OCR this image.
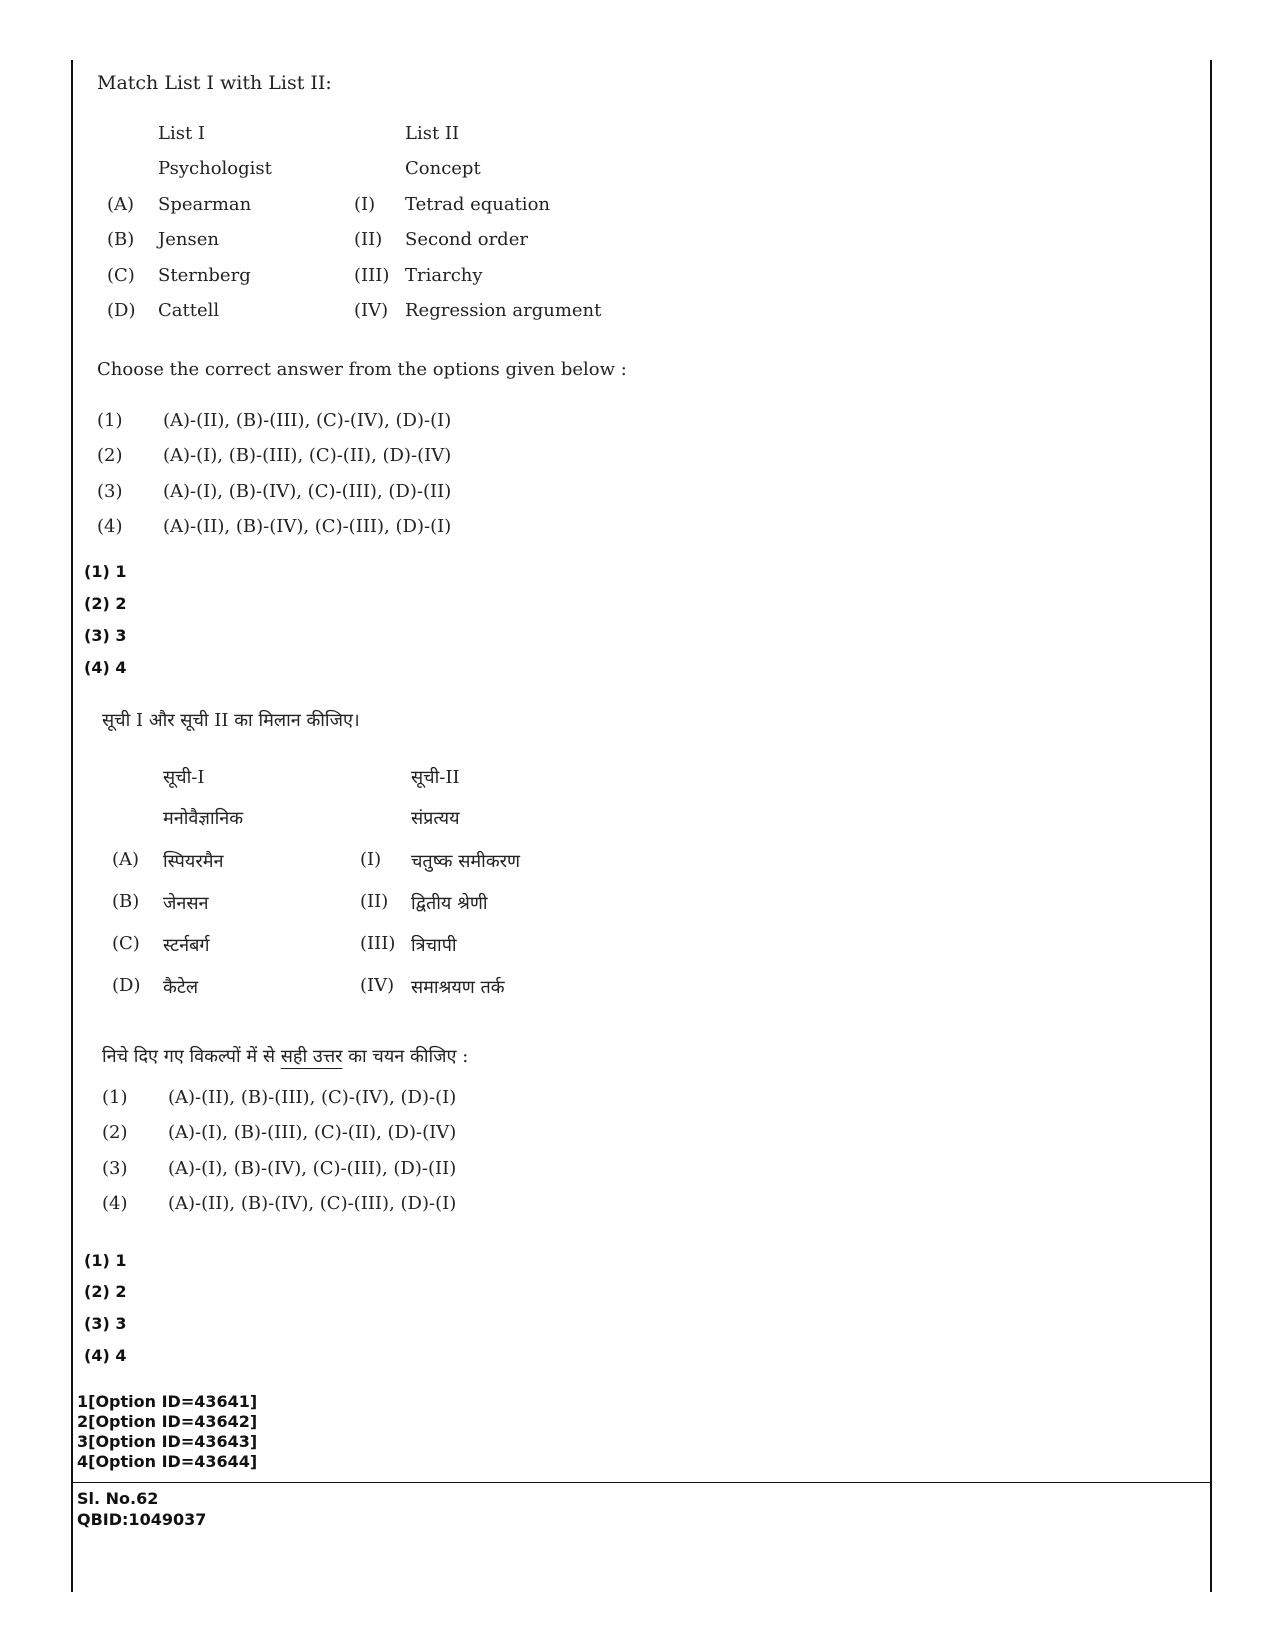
Match List I with List II:
List I	List II
Psychologist	Concept
(A) Spearman	(I) Tetrad equation
(B) Jensen	(II) Second order
(C) Sternberg	(III) Triarchy
(D) Cattell	(IV) Regression argument
Choose the correct answer from the options given below :
(1) (A)-(II), (B)-(III), (C)-(IV), (D)-(I)
(2) (A)-(I), (B)-(III), (C)-(II), (D)-(IV)
(3) (A)-(I), (B)-(IV), (C)-(III), (D)-(II)
(4) (A)-(II), (B)-(IV), (C)-(III), (D)-(I)
(1) 1
(2) 2
(3) 3
(4) 4
सूची I और सूची II का मिलान कीजिए।
सूची-I	सूची-II
मनोवैज्ञानिक	संप्रत्यय
(A) स्पियरमैन	(I) चतुष्क समीकरण
(B) जेनसन	(II) द्वितीय श्रेणी
(C) स्टर्नबर्ग	(III) त्रिचापी
(D) कैटेल	(IV) समाश्रयण तर्क
निचे दिए गए विकल्पों में से सही उत्तर का चयन कीजिए :
(1) (A)-(II), (B)-(III), (C)-(IV), (D)-(I)
(2) (A)-(I), (B)-(III), (C)-(II), (D)-(IV)
(3) (A)-(I), (B)-(IV), (C)-(III), (D)-(II)
(4) (A)-(II), (B)-(IV), (C)-(III), (D)-(I)
(1) 1
(2) 2
(3) 3
(4) 4
1[Option ID=43641]
2[Option ID=43642]
3[Option ID=43643]
4[Option ID=43644]
Sl. No.62
QBID:1049037
